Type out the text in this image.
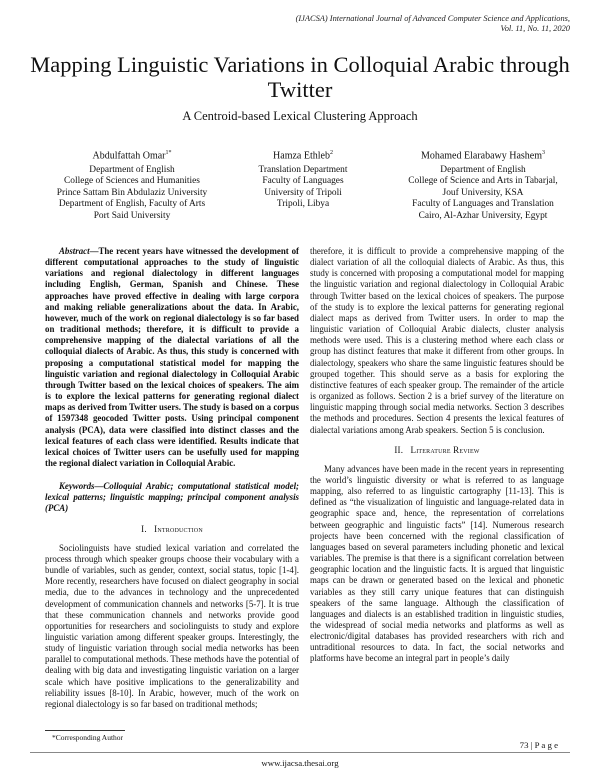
(IJACSA) International Journal of Advanced Computer Science and Applications,
Vol. 11, No. 11, 2020
Mapping Linguistic Variations in Colloquial Arabic through Twitter
A Centroid-based Lexical Clustering Approach
Abdulfattah Omar$^{1*}$
Department of English
College of Sciences and Humanities
Prince Sattam Bin Abdulaziz University
Department of English, Faculty of Arts
Port Said University
Hamza Ethleb$^2$
Translation Department
Faculty of Languages
University of Tripoli
Tripoli, Libya
Mohamed Elarabawy Hashem$^3$
Department of English
College of Science and Arts in Tabarjal,
Jouf University, KSA
Faculty of Languages and Translation
Cairo, Al-Azhar University, Egypt

Abstract—The recent years have witnessed the development of different computational approaches to the study of linguistic variations and regional dialectology in different languages including English, German, Spanish and Chinese. These approaches have proved effective in dealing with large corpora and making reliable generalizations about the data. In Arabic, however, much of the work on regional dialectology is so far based on traditional methods; therefore, it is difficult to provide a comprehensive mapping of the dialectal variations of all the colloquial dialects of Arabic. As thus, this study is concerned with proposing a computational statistical model for mapping the linguistic variation and regional dialectology in Colloquial Arabic through Twitter based on the lexical choices of speakers. The aim is to explore the lexical patterns for generating regional dialect maps as derived from Twitter users. The study is based on a corpus of 1597348 geocoded Twitter posts. Using principal component analysis (PCA), data were classified into distinct classes and the lexical features of each class were identified. Results indicate that lexical choices of Twitter users can be usefully used for mapping the regional dialect variation in Colloquial Arabic.

Keywords—Colloquial Arabic; computational statistical model; lexical patterns; linguistic mapping; principal component analysis (PCA)

I. Introduction

Sociolinguists have studied lexical variation and correlated the process through which speaker groups choose their vocabulary with a bundle of variables, such as gender, context, social status, topic [1-4]. More recently, researchers have focused on dialect geography in social media, due to the advances in technology and the unprecedented development of communication channels and networks [5-7]. It is true that these communication channels and networks provide good opportunities for researchers and sociolinguists to study and explore linguistic variation among different speaker groups. Interestingly, the study of linguistic variation through social media networks has been parallel to computational methods. These methods have the potential of dealing with big data and investigating linguistic variation on a larger scale which have positive implications to the generalizability and reliability issues [8-10]. In Arabic, however, much of the work on regional dialectology is so far based on traditional methods;

*Corresponding Author

therefore, it is difficult to provide a comprehensive mapping of the dialect variation of all the colloquial dialects of Arabic. As thus, this study is concerned with proposing a computational model for mapping the linguistic variation and regional dialectology in Colloquial Arabic through Twitter based on the lexical choices of speakers. The purpose of the study is to explore the lexical patterns for generating regional dialect maps as derived from Twitter users. In order to map the linguistic variation of Colloquial Arabic dialects, cluster analysis methods were used. This is a clustering method where each class or group has distinct features that make it different from other groups. In dialectology, speakers who share the same linguistic features should be grouped together. This should serve as a basis for exploring the distinctive features of each speaker group. The remainder of the article is organized as follows. Section 2 is a brief survey of the literature on linguistic mapping through social media networks. Section 3 describes the methods and procedures. Section 4 presents the lexical features of dialectal variations among Arab speakers. Section 5 is conclusion.

II. Literature Review

Many advances have been made in the recent years in representing the world’s linguistic diversity or what is referred to as language mapping, also referred to as linguistic cartography [11-13]. This is defined as “the visualization of linguistic and language-related data in geographic space and, hence, the representation of correlations between geographic and linguistic facts” [14]. Numerous research projects have been concerned with the regional classification of languages based on several parameters including phonetic and lexical variables. The premise is that there is a significant correlation between geographic location and the linguistic facts. It is argued that linguistic maps can be drawn or generated based on the lexical and phonetic variables as they still carry unique features that can distinguish speakers of the same language. Although the classification of languages and dialects is an established tradition in linguistic studies, the widespread of social media networks and platforms as well as electronic/digital databases has provided researchers with rich and untraditional resources to data. In fact, the social networks and platforms have become an integral part in people’s daily

73 | P a g e
www.ijacsa.thesai.org
